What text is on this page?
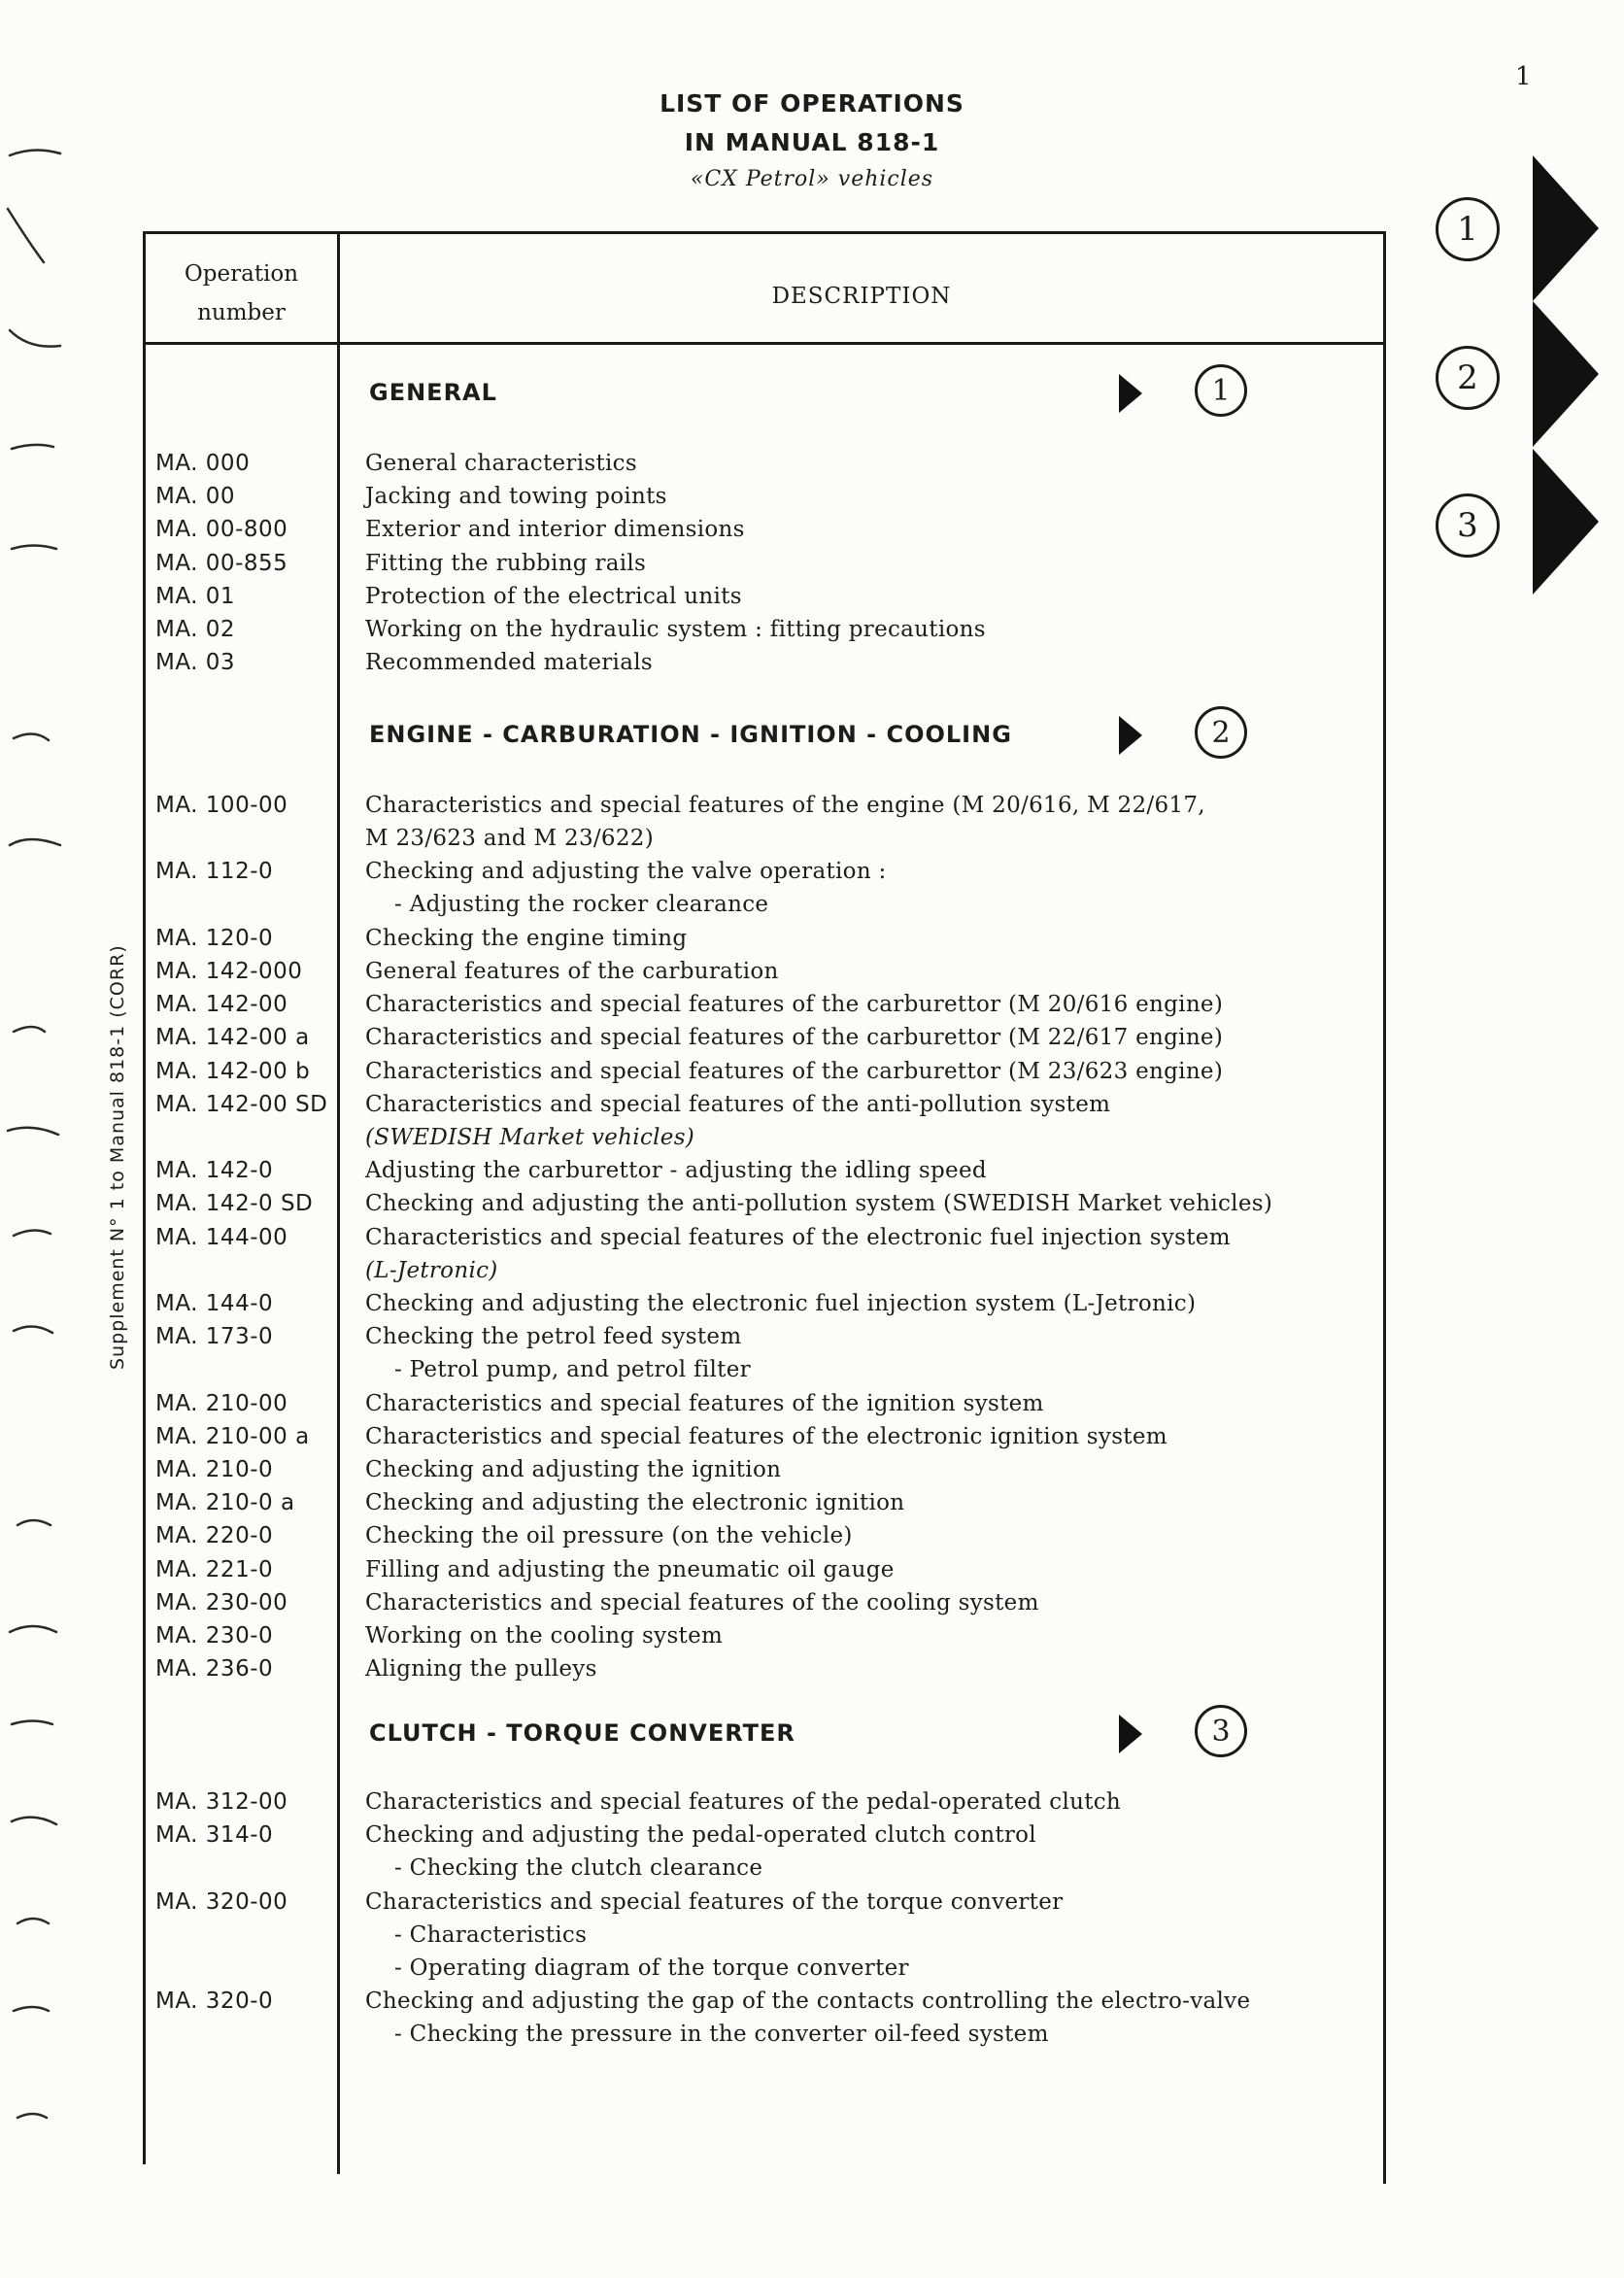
1
LIST OF OPERATIONS
IN MANUAL 818-1
«CX Petrol» vehicles
1
2
3
Operation
number
DESCRIPTION
Supplement N° 1 to Manual 818-1 (CORR)
GENERAL	1
MA. 000	General characteristics
MA. 00	Jacking and towing points
MA. 00-800	Exterior and interior dimensions
MA. 00-855	Fitting the rubbing rails
MA. 01	Protection of the electrical units
MA. 02	Working on the hydraulic system : fitting precautions
MA. 03	Recommended materials
ENGINE - CARBURATION - IGNITION - COOLING	2
MA. 100-00	Characteristics and special features of the engine (M 20/616, M 22/617,
M 23/623 and M 23/622)
MA. 112-0	Checking and adjusting the valve operation :
- Adjusting the rocker clearance
MA. 120-0	Checking the engine timing
MA. 142-000	General features of the carburation
MA. 142-00	Characteristics and special features of the carburettor (M 20/616 engine)
MA. 142-00 a Characteristics and special features of the carburettor (M 22/617 engine)
MA. 142-00 b Characteristics and special features of the carburettor (M 23/623 engine)
MA. 142-00 SD Characteristics and special features of the anti-pollution system
(SWEDISH Market vehicles)
MA. 142-0	Adjusting the carburettor - adjusting the idling speed
MA. 142-0 SD Checking and adjusting the anti-pollution system (SWEDISH Market vehicles)
MA. 144-00	Characteristics and special features of the electronic fuel injection system
(L-Jetronic)
MA. 144-0	Checking and adjusting the electronic fuel injection system (L-Jetronic)
MA. 173-0	Checking the petrol feed system
- Petrol pump, and petrol filter
MA. 210-00	Characteristics and special features of the ignition system
MA. 210-00 a Characteristics and special features of the electronic ignition system
MA. 210-0	Checking and adjusting the ignition
MA. 210-0 a	Checking and adjusting the electronic ignition
MA. 220-0	Checking the oil pressure (on the vehicle)
MA. 221-0	Filling and adjusting the pneumatic oil gauge
MA. 230-00	Characteristics and special features of the cooling system
MA. 230-0	Working on the cooling system
MA. 236-0	Aligning the pulleys
CLUTCH - TORQUE CONVERTER	3
MA. 312-00	Characteristics and special features of the pedal-operated clutch
MA. 314-0	Checking and adjusting the pedal-operated clutch control
- Checking the clutch clearance
MA. 320-00	Characteristics and special features of the torque converter
- Characteristics
- Operating diagram of the torque converter
MA. 320-0	Checking and adjusting the gap of the contacts controlling the electro-valve
- Checking the pressure in the converter oil-feed system
